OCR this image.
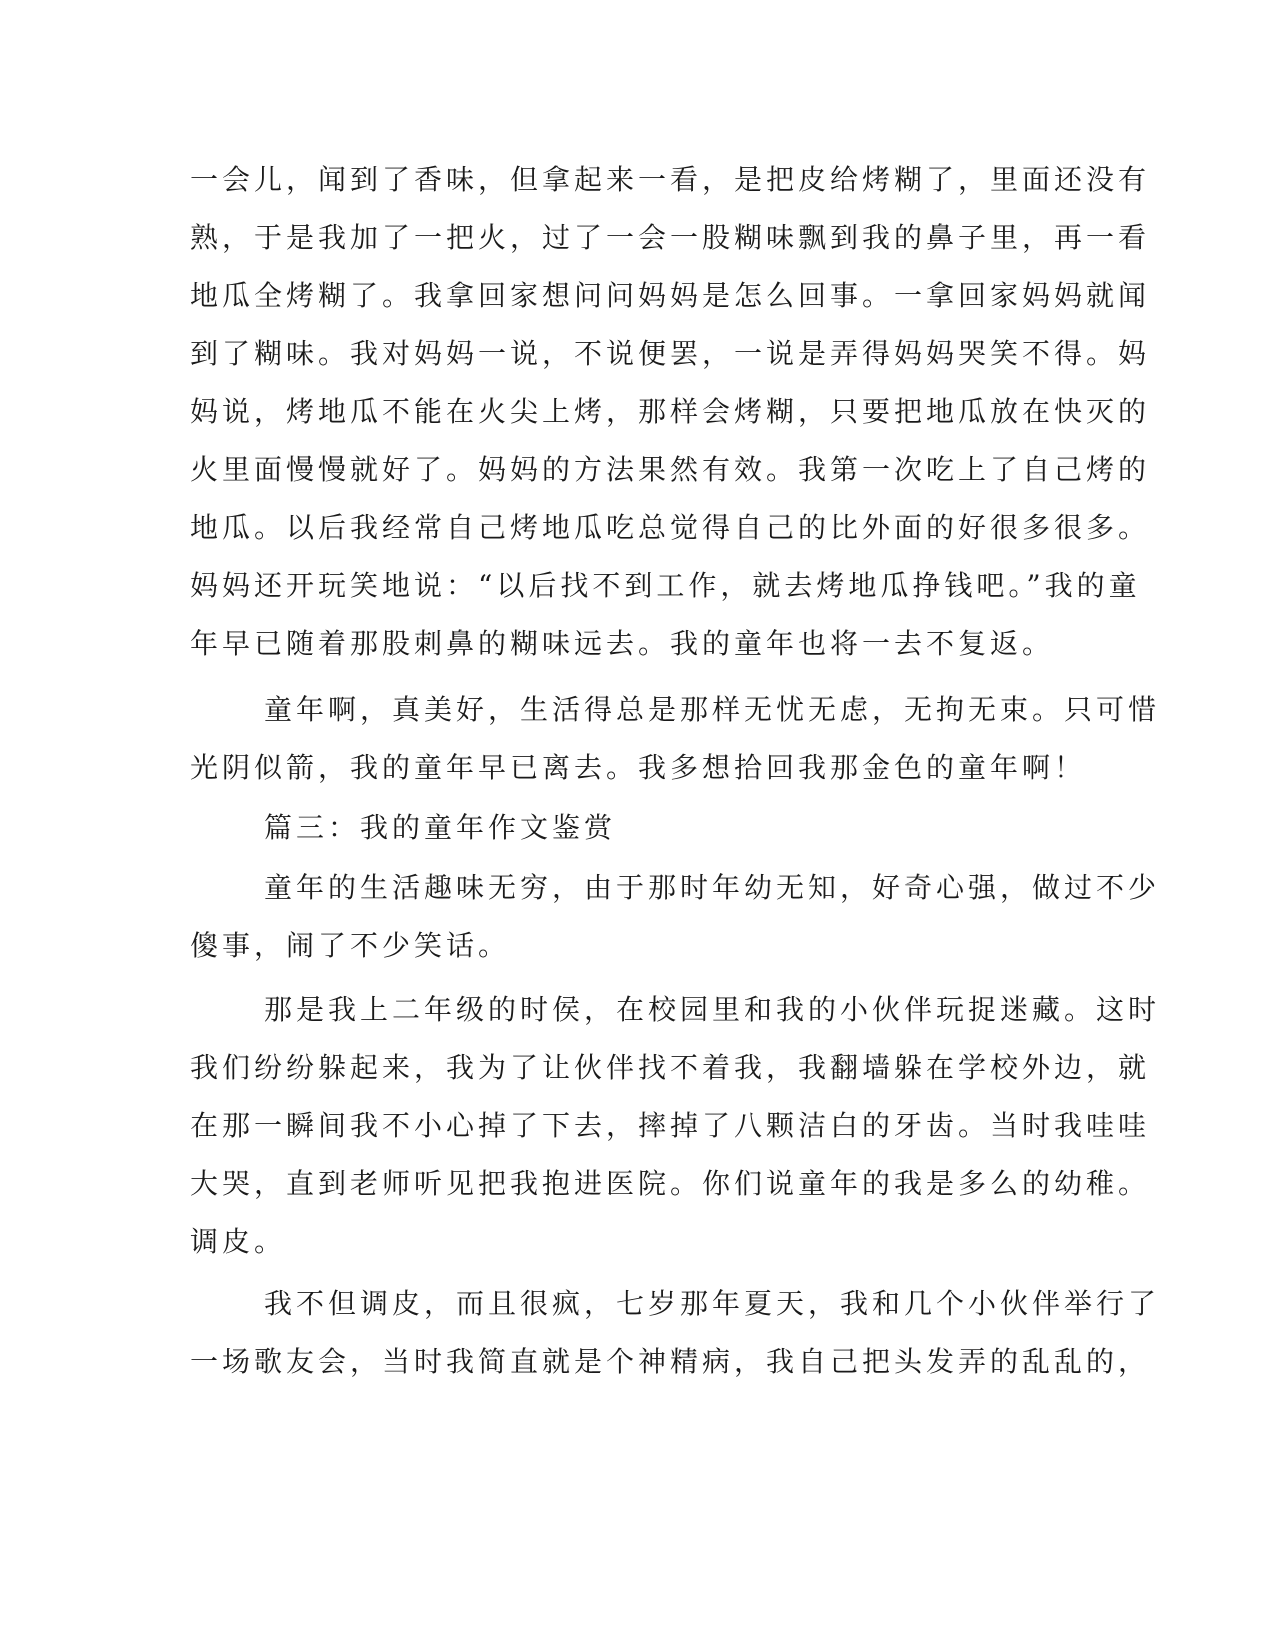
一会儿，闻到了香味，但拿起来一看，是把皮给烤糊了，里面还没有
熟，于是我加了一把火，过了一会一股糊味飘到我的鼻子里，再一看
地瓜全烤糊了。我拿回家想问问妈妈是怎么回事。一拿回家妈妈就闻
到了糊味。我对妈妈一说，不说便罢，一说是弄得妈妈哭笑不得。妈
妈说，烤地瓜不能在火尖上烤，那样会烤糊，只要把地瓜放在快灭的
火里面慢慢就好了。妈妈的方法果然有效。我第一次吃上了自己烤的
地瓜。以后我经常自己烤地瓜吃总觉得自己的比外面的好很多很多。
妈妈还开玩笑地说：“以后找不到工作，就去烤地瓜挣钱吧。”我的童
年早已随着那股刺鼻的糊味远去。我的童年也将一去不复返。
童年啊，真美好，生活得总是那样无忧无虑，无拘无束。只可惜
光阴似箭，我的童年早已离去。我多想拾回我那金色的童年啊！
篇三：我的童年作文鉴赏
童年的生活趣味无穷，由于那时年幼无知，好奇心强，做过不少
傻事，闹了不少笑话。
那是我上二年级的时侯，在校园里和我的小伙伴玩捉迷藏。这时
我们纷纷躲起来，我为了让伙伴找不着我，我翻墙躲在学校外边，就
在那一瞬间我不小心掉了下去，摔掉了八颗洁白的牙齿。当时我哇哇
大哭，直到老师听见把我抱进医院。你们说童年的我是多么的幼稚。
调皮。
我不但调皮，而且很疯，七岁那年夏天，我和几个小伙伴举行了
一场歌友会，当时我简直就是个神精病，我自己把头发弄的乱乱的，
